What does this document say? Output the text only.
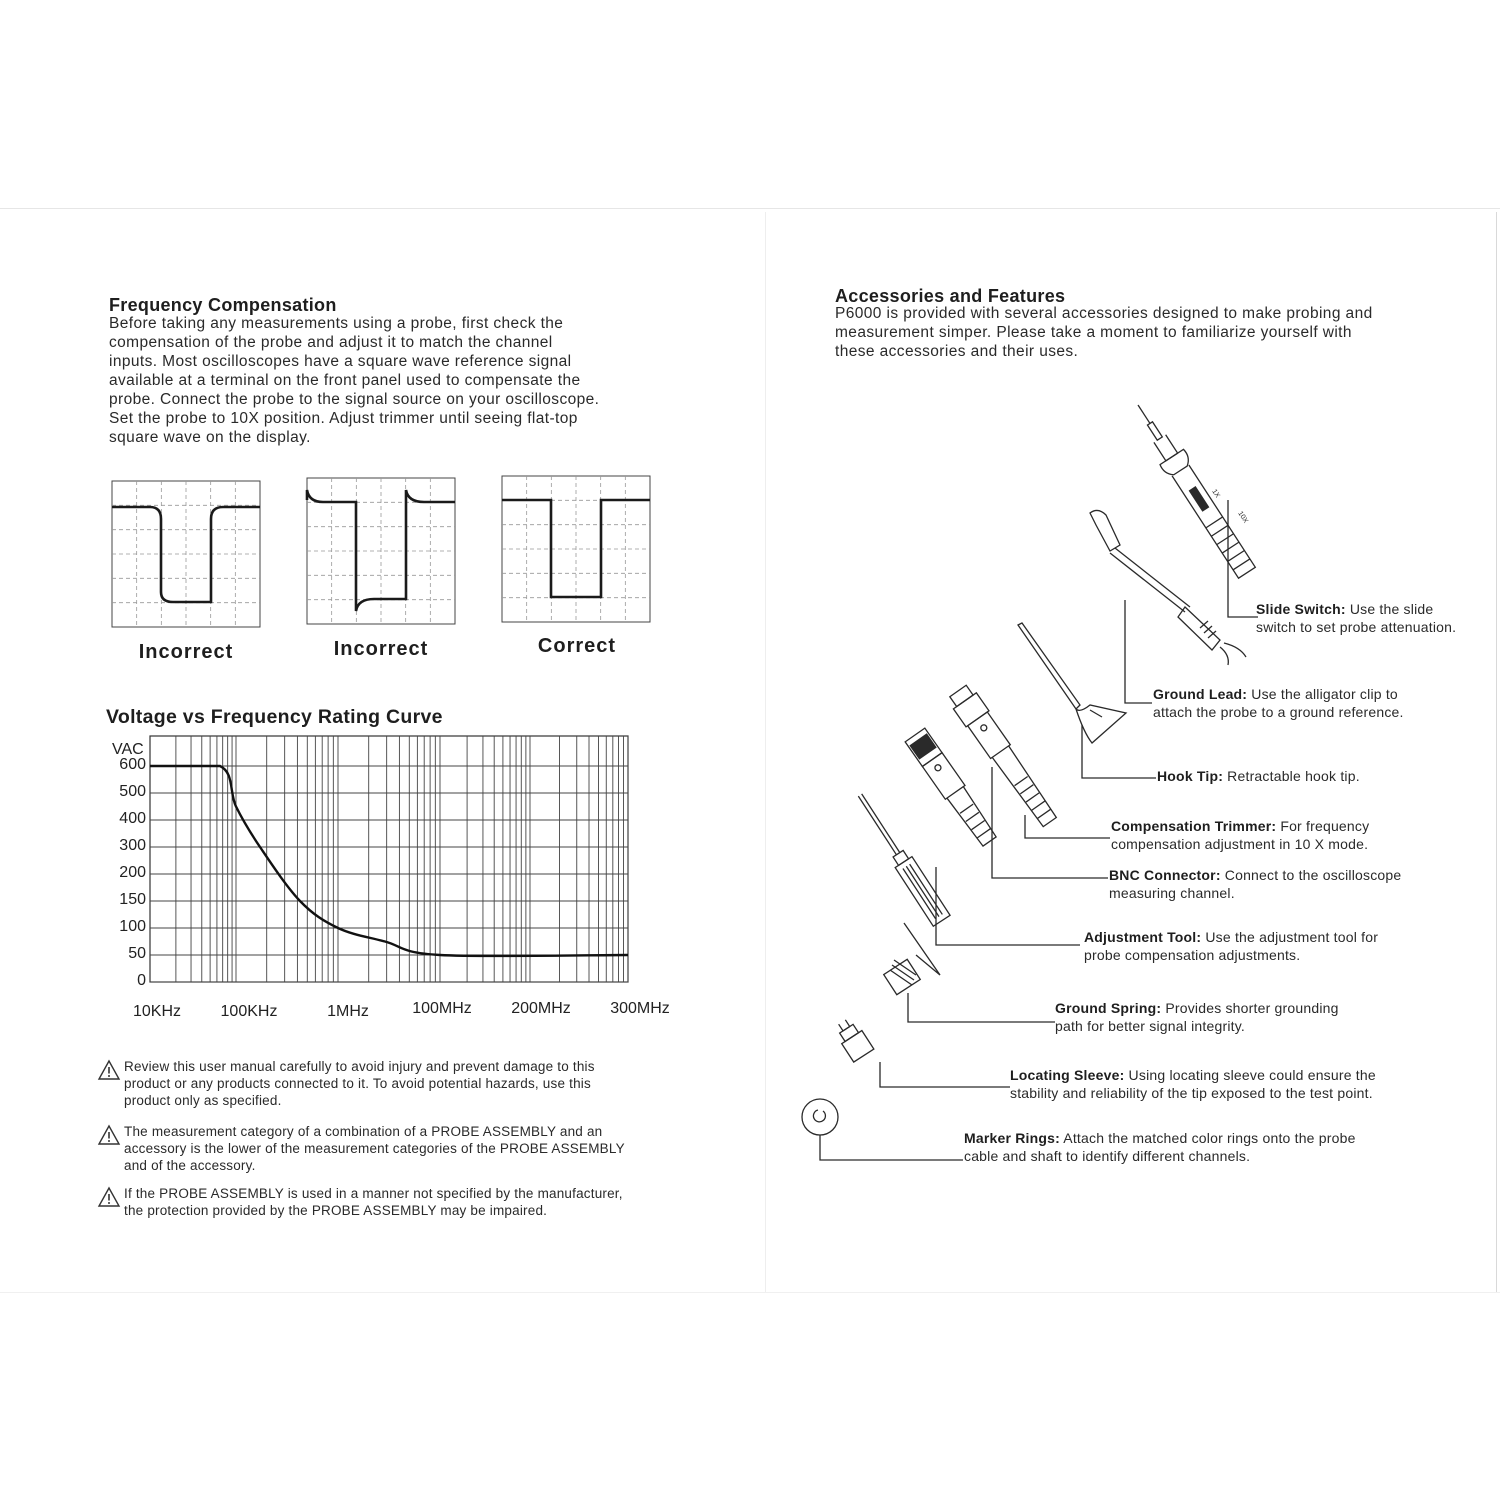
Frequency Compensation
Before taking any measurements using a probe, first check the
compensation of the probe and adjust it to match the channel
inputs. Most oscilloscopes have a square wave reference signal
available at a terminal on the front panel used to compensate the
probe. Connect the probe to the signal source on your oscilloscope.
Set the probe to 10X position. Adjust trimmer until seeing flat-top
square wave on the display.
Incorrect	Incorrect	Correct
Voltage vs Frequency Rating Curve
VAC
0
50
100
150
200
300
400
500
600
10KHz	100KHz	1MHz	100MHz	200MHz	300MHz
Review this user manual carefully to avoid injury and prevent damage to this
product or any products connected to it. To avoid potential hazards, use this
product only as specified.
The measurement category of a combination of a PROBE ASSEMBLY and an
accessory is the lower of the measurement categories of the PROBE ASSEMBLY
and of the accessory.
If the PROBE ASSEMBLY is used in a manner not specified by the manufacturer,
the protection provided by the PROBE ASSEMBLY may be impaired.
Accessories and Features
P6000 is provided with several accessories designed to make probing and
measurement simper. Please take a moment to familiarize yourself with
these accessories and their uses.
1X
10X
Slide Switch: Use the slide
switch to set probe attenuation.
Ground Lead: Use the alligator clip to
attach the probe to a ground reference.
Hook Tip: Retractable hook tip.
Compensation Trimmer: For frequency
compensation adjustment in 10 X mode.
BNC Connector: Connect to the oscilloscope
measuring channel.
Adjustment Tool: Use the adjustment tool for
probe compensation adjustments.
Ground Spring: Provides shorter grounding
path for better signal integrity.
Locating Sleeve: Using locating sleeve could ensure the
stability and reliability of the tip exposed to the test point.
Marker Rings: Attach the matched color rings onto the probe
cable and shaft to identify different channels.
